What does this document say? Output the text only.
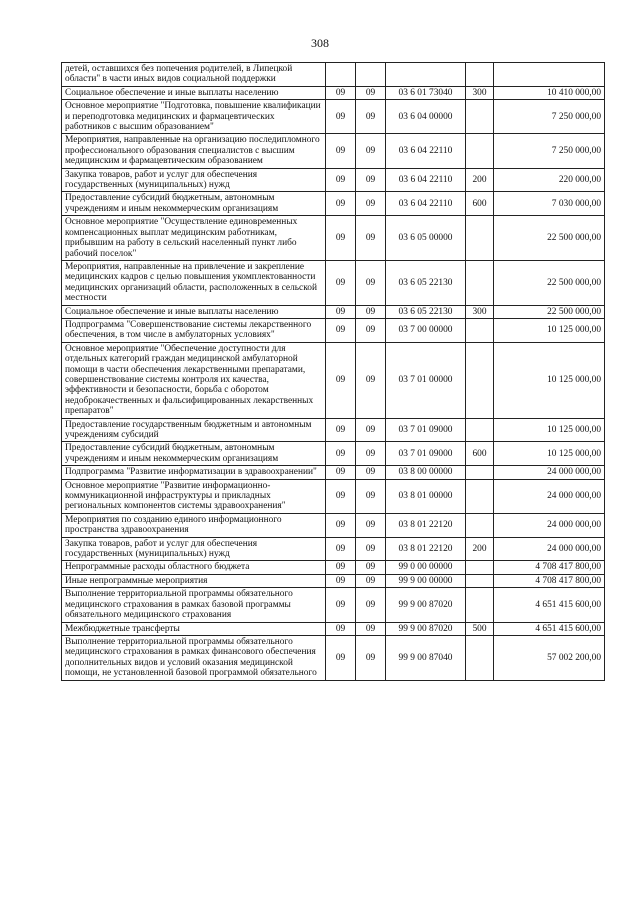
308
детей, оставшихся без попечения родителей, в Липецкой области" в части иных видов социальной поддержки					
Социальное обеспечение и иные выплаты населению	09	09	03 6 01 73040	300	10 410 000,00
Основное мероприятие "Подготовка, повышение квалификации и переподготовка медицинских и фармацевтических работников с высшим образованием"	09	09	03 6 04 00000		7 250 000,00
Мероприятия, направленные на организацию последипломного профессионального образования специалистов с высшим медицинским и фармацевтическим образованием	09	09	03 6 04 22110		7 250 000,00
Закупка товаров, работ и услуг для обеспечения государственных (муниципальных) нужд	09	09	03 6 04 22110	200	220 000,00
Предоставление субсидий бюджетным, автономным учреждениям и иным некоммерческим организациям	09	09	03 6 04 22110	600	7 030 000,00
Основное мероприятие "Осуществление единовременных компенсационных выплат медицинским работникам, прибывшим на работу в сельский населенный пункт либо рабочий поселок"	09	09	03 6 05 00000		22 500 000,00
Мероприятия, направленные на привлечение и закрепление медицинских кадров с целью повышения укомплектованности медицинских организаций области, расположенных в сельской местности	09	09	03 6 05 22130		22 500 000,00
Социальное обеспечение и иные выплаты населению	09	09	03 6 05 22130	300	22 500 000,00
Подпрограмма "Совершенствование системы лекарственного обеспечения, в том числе в амбулаторных условиях"	09	09	03 7 00 00000		10 125 000,00
Основное мероприятие "Обеспечение доступности для отдельных категорий граждан медицинской амбулаторной помощи в части обеспечения лекарственными препаратами, совершенствование системы контроля их качества, эффективности и безопасности, борьба с оборотом недоброкачественных и фальсифицированных лекарственных препаратов"	09	09	03 7 01 00000		10 125 000,00
Предоставление государственным бюджетным и автономным учреждениям субсидий	09	09	03 7 01 09000		10 125 000,00
Предоставление субсидий бюджетным, автономным учреждениям и иным некоммерческим организациям	09	09	03 7 01 09000	600	10 125 000,00
Подпрограмма "Развитие информатизации в здравоохранении"	09	09	03 8 00 00000		24 000 000,00
Основное мероприятие "Развитие информационно-коммуникационной инфраструктуры и прикладных региональных компонентов системы здравоохранения"	09	09	03 8 01 00000		24 000 000,00
Мероприятия по созданию единого информационного пространства здравоохранения	09	09	03 8 01 22120		24 000 000,00
Закупка товаров, работ и услуг для обеспечения государственных (муниципальных) нужд	09	09	03 8 01 22120	200	24 000 000,00
Непрограммные расходы областного бюджета	09	09	99 0 00 00000		4 708 417 800,00
Иные непрограммные мероприятия	09	09	99 9 00 00000		4 708 417 800,00
Выполнение территориальной программы обязательного медицинского страхования в рамках базовой программы обязательного медицинского страхования	09	09	99 9 00 87020		4 651 415 600,00
Межбюджетные трансферты	09	09	99 9 00 87020	500	4 651 415 600,00
Выполнение территориальной программы обязательного медицинского страхования в рамках финансового обеспечения дополнительных видов и условий оказания медицинской помощи, не установленной базовой программой обязательного	09	09	99 9 00 87040		57 002 200,00
